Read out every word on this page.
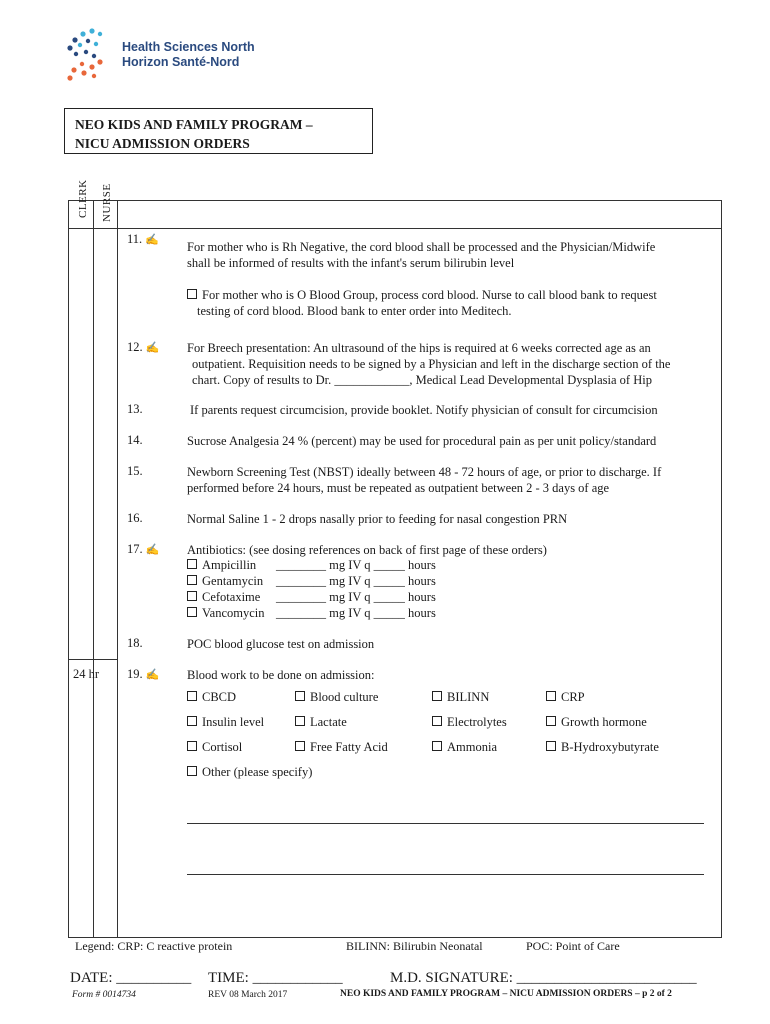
Health Sciences North
Horizon Santé-Nord
NEO KIDS AND FAMILY PROGRAM –
NICU ADMISSION ORDERS
CLERK NURSE
11. ✍ For mother who is Rh Negative, the cord blood shall be processed and the Physician/Midwife
shall be informed of results with the infant's serum bilirubin level
For mother who is O Blood Group, process cord blood. Nurse to call blood bank to request
testing of cord blood. Blood bank to enter order into Meditech.
12. ✍ For Breech presentation: An ultrasound of the hips is required at 6 weeks corrected age as an
outpatient. Requisition needs to be signed by a Physician and left in the discharge section of the
chart. Copy of results to Dr. ____________, Medical Lead Developmental Dysplasia of Hip
13.	If parents request circumcision, provide booklet. Notify physician of consult for circumcision
14.	Sucrose Analgesia 24 % (percent) may be used for procedural pain as per unit policy/standard
15.	Newborn Screening Test (NBST) ideally between 48 - 72 hours of age, or prior to discharge. If
performed before 24 hours, must be repeated as outpatient between 2 - 3 days of age
16.	Normal Saline 1 - 2 drops nasally prior to feeding for nasal congestion PRN
17. ✍ Antibiotics: (see dosing references on back of first page of these orders)
Ampicillin ________ mg IV q _____ hours
Gentamycin ________ mg IV q _____ hours
Cefotaxime ________ mg IV q _____ hours
Vancomycin ________ mg IV q _____ hours
18.	POC blood glucose test on admission
24 hr 19. ✍ Blood work to be done on admission:
CBCD	Blood culture	BILINN	CRP
Insulin level	Lactate	Electrolytes	Growth hormone
Cortisol	Free Fatty Acid	Ammonia	B-Hydroxybutyrate
Other (please specify)
Legend: CRP: C reactive protein	BILINN: Bilirubin Neonatal	POC: Point of Care
DATE: __________ TIME: ____________	M.D. SIGNATURE: ________________________
Form # 0014734	REV 08 March 2017	NEO KIDS AND FAMILY PROGRAM – NICU ADMISSION ORDERS – p 2 of 2
